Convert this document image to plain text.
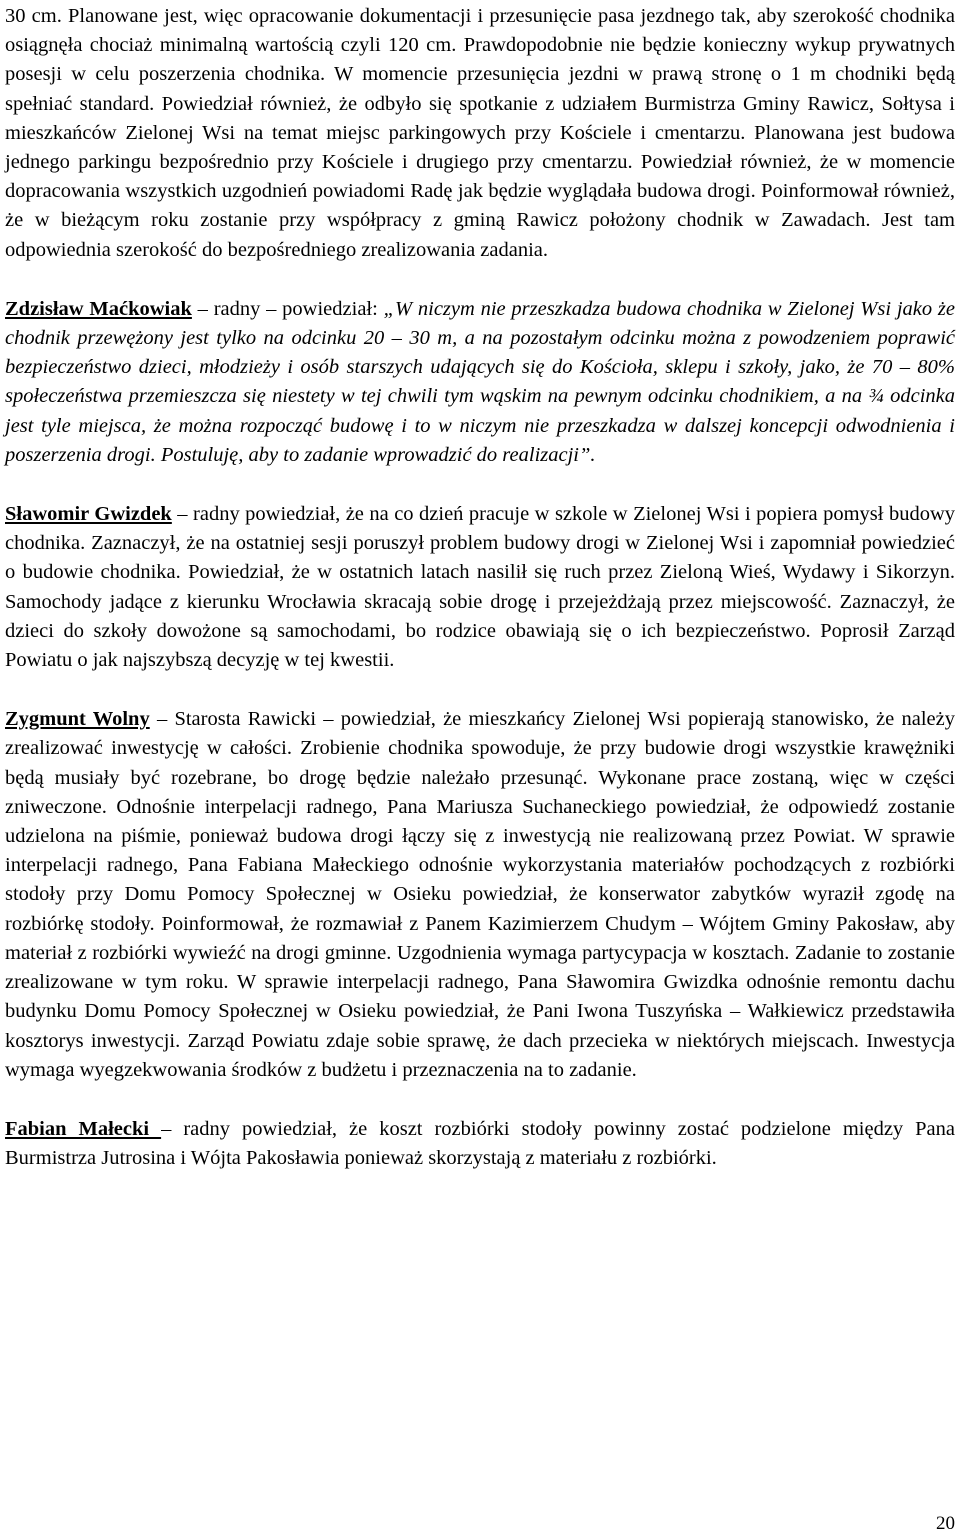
30 cm. Planowane jest, więc opracowanie dokumentacji i przesunięcie pasa jezdnego tak, aby szerokość chodnika osiągnęła chociaż minimalną wartością czyli 120 cm. Prawdopodobnie nie będzie konieczny wykup prywatnych posesji w celu poszerzenia chodnika. W momencie przesunięcia jezdni w prawą stronę o 1 m chodniki będą spełniać standard. Powiedział również, że odbyło się spotkanie z udziałem Burmistrza Gminy Rawicz, Sołtysa i mieszkańców Zielonej Wsi na temat miejsc parkingowych przy Kościele i cmentarzu. Planowana jest budowa jednego parkingu bezpośrednio przy Kościele i drugiego przy cmentarzu. Powiedział również, że w momencie dopracowania wszystkich uzgodnień powiadomi Radę jak będzie wyglądała budowa drogi. Poinformował również, że w bieżącym roku zostanie przy współpracy z gminą Rawicz położony chodnik w Zawadach. Jest tam odpowiednia szerokość do bezpośredniego zrealizowania zadania.

Zdzisław Maćkowiak – radny – powiedział: „W niczym nie przeszkadza budowa chodnika w Zielonej Wsi jako że chodnik przewężony jest tylko na odcinku 20 – 30 m, a na pozostałym odcinku można z powodzeniem poprawić bezpieczeństwo dzieci, młodzieży i osób starszych udających się do Kościoła, sklepu i szkoły, jako, że 70 – 80% społeczeństwa przemieszcza się niestety w tej chwili tym wąskim na pewnym odcinku chodnikiem, a na ¾ odcinka jest tyle miejsca, że można rozpocząć budowę i to w niczym nie przeszkadza w dalszej koncepcji odwodnienia i poszerzenia drogi. Postuluję, aby to zadanie wprowadzić do realizacji”.

Sławomir Gwizdek – radny powiedział, że na co dzień pracuje w szkole w Zielonej Wsi i popiera pomysł budowy chodnika. Zaznaczył, że na ostatniej sesji poruszył problem budowy drogi w Zielonej Wsi i zapomniał powiedzieć o budowie chodnika. Powiedział, że w ostatnich latach nasilił się ruch przez Zieloną Wieś, Wydawy i Sikorzyn. Samochody jadące z kierunku Wrocławia skracają sobie drogę i przejeżdżają przez miejscowość. Zaznaczył, że dzieci do szkoły dowożone są samochodami, bo rodzice obawiają się o ich bezpieczeństwo. Poprosił Zarząd Powiatu o jak najszybszą decyzję w tej kwestii.

Zygmunt Wolny – Starosta Rawicki – powiedział, że mieszkańcy Zielonej Wsi popierają stanowisko, że należy zrealizować inwestycję w całości. Zrobienie chodnika spowoduje, że przy budowie drogi wszystkie krawężniki będą musiały być rozebrane, bo drogę będzie należało przesunąć. Wykonane prace zostaną, więc w części zniweczone. Odnośnie interpelacji radnego, Pana Mariusza Suchaneckiego powiedział, że odpowiedź zostanie udzielona na piśmie, ponieważ budowa drogi łączy się z inwestycją nie realizowaną przez Powiat. W sprawie interpelacji radnego, Pana Fabiana Małeckiego odnośnie wykorzystania materiałów pochodzących z rozbiórki stodoły przy Domu Pomocy Społecznej w Osieku powiedział, że konserwator zabytków wyraził zgodę na rozbiórkę stodoły. Poinformował, że rozmawiał z Panem Kazimierzem Chudym – Wójtem Gminy Pakosław, aby materiał z rozbiórki wywieźć na drogi gminne. Uzgodnienia wymaga partycypacja w kosztach. Zadanie to zostanie zrealizowane w tym roku. W sprawie interpelacji radnego, Pana Sławomira Gwizdka odnośnie remontu dachu budynku Domu Pomocy Społecznej w Osieku powiedział, że Pani Iwona Tuszyńska – Wałkiewicz przedstawiła kosztorys inwestycji. Zarząd Powiatu zdaje sobie sprawę, że dach przecieka w niektórych miejscach. Inwestycja wymaga wyegzekwowania środków z budżetu i przeznaczenia na to zadanie.

Fabian Małecki – radny powiedział, że koszt rozbiórki stodoły powinny zostać podzielone między Pana Burmistrza Jutrosina i Wójta Pakosławia ponieważ skorzystają z materiału z rozbiórki.

20
